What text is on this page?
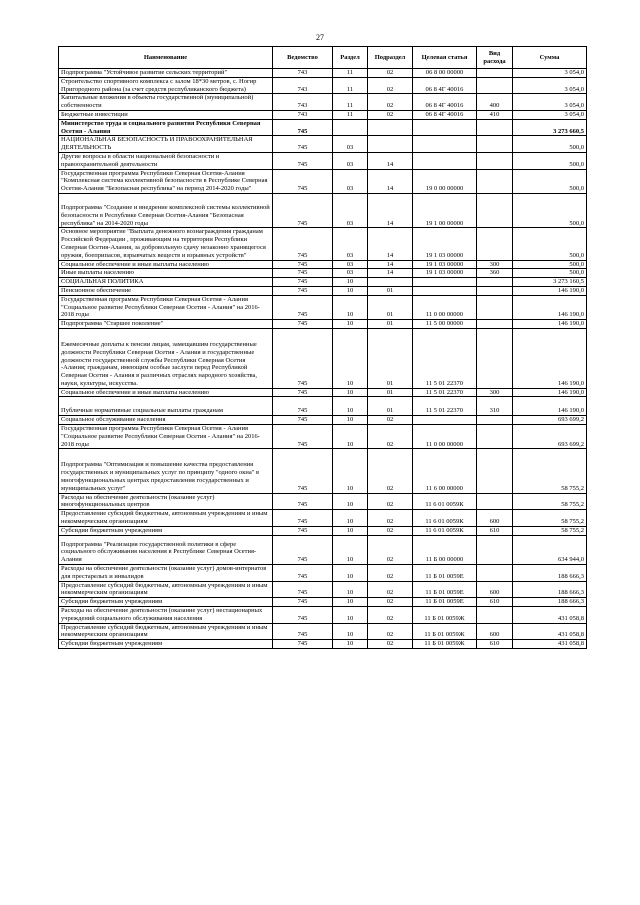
27
Наименование	Ведомство	Раздел	Подраздел	Целевая статья	Вид расхода	Сумма
Подпрограмма "Устойчивое развитие сельских территорий"	743	11	02	06 8 00 00000		3 054,0
Строительство спортивного комплекса с залом 18*30 метров, с. Ногир Пригородного района (за счет средств республиканского бюджета)	743	11	02	06 8 4Г 40016		3 054,0
Капитальные вложения в объекты государственной (муниципальной) собственности	743	11	02	06 8 4Г 40016	400	3 054,0
Бюджетные инвестиции	743	11	02	06 8 4Г 40016	410	3 054,0
Министерство труда и социального развития Республики Северная Осетия - Алания	745					3 273 660,5
НАЦИОНАЛЬНАЯ БЕЗОПАСНОСТЬ И ПРАВООХРАНИТЕЛЬНАЯ ДЕЯТЕЛЬНОСТЬ	745	03				500,0
Другие вопросы в области национальной безопасности и правоохранительной деятельности	745	03	14			500,0
Государственная программа Республики Северная Осетия-Алания "Комплексная система коллективной безопасности в Республике Северная Осетия-Алания "Безопасная республика" на период 2014-2020 годы"	745	03	14	19 0 00 00000		500,0
Подпрограмма "Создание и внедрение комплексной системы коллективной безопасности в Республике Северная Осетия-Алания "Безопасная республика" на 2014-2020 годы	745	03	14	19 1 00 00000		500,0
Основное мероприятие "Выплата денежного вознаграждения гражданам Российской Федерации , проживающим на территории Республики Северная Осетия-Алания, за добровольную сдачу незаконно хранящегося оружия, боеприпасов, взрывчатых веществ и взрывных устройств"	745	03	14	19 1 03 00000		500,0
Социальное обеспечение и иные выплаты населению	745	03	14	19 1 03 00000	300	500,0
Иные выплаты населению	745	03	14	19 1 03 00000	360	500,0
СОЦИАЛЬНАЯ ПОЛИТИКА	745	10				3 273 160,5
Пенсионное обеспечение	745	10	01			146 190,0
Государственная программа Республики Северная Осетия - Алания "Социальное развитие Республики Северная Осетия - Алания" на 2016-2018 годы	745	10	01	11 0 00 00000		146 190,0
Подпрограмма "Старшее поколение"	745	10	01	11 5 00 00000		146 190,0
Ежемесячные доплаты к пенсии лицам, замещавшим государственные должности Республики Северная Осетия - Алания и государственные должности государственной службы Республики Северная Осетия -Алания; гражданам, имеющим особые заслуги перед Республикой Северная Осетия - Алания в различных отраслях народного хозяйства, науки, культуры, искусства.	745	10	01	11 5 01 22370		146 190,0
Социальное обеспечение и иные выплаты населению	745	10	01	11 5 01 22370	300	146 190,0
Публичные нормативные социальные выплаты гражданам	745	10	01	11 5 01 22370	310	146 190,0
Социальное обслуживание населения	745	10	02			693 699,2
Государственная программа Республики Северная Осетия - Алания "Социальное развитие Республики Северная Осетия - Алания" на 2016-2018 годы	745	10	02	11 0 00 00000		693 699,2
Подпрограмма "Оптимизация и повышение качества предоставления государственных и муниципальных услуг по принципу "одного окна" в многофункциональных центрах предоставления государственных и муниципальных услуг"	745	10	02	11 6 00 00000		58 755,2
Расходы на обеспечение деятельности (оказание услуг) многофункциональных центров	745	10	02	11 6 01 0059К		58 755,2
Предоставление субсидий бюджетным, автономным учреждениям и иным некоммерческим организациям	745	10	02	11 6 01 0059К	600	58 755,2
Субсидии бюджетным учреждениям	745	10	02	11 6 01 0059К	610	58 755,2
Подпрограмма "Реализация государственной политики в сфере социального обслуживания населения в Республике Северная Осетия-Алания	745	10	02	11 Б 00 00000		634 944,0
Расходы на обеспечение деятельности (оказание услуг) домов-интернатов для престарелых и инвалидов	745	10	02	11 Б 01 0059Е		188 666,3
Предоставление субсидий бюджетным, автономным учреждениям и иным некоммерческим организациям	745	10	02	11 Б 01 0059Е	600	188 666,3
Субсидии бюджетным учреждениям	745	10	02	11 Б 01 0059Е	610	188 666,3
Расходы на обеспечение деятельности (оказание услуг) нестационарных учреждений социального обслуживания населения	745	10	02	11 Б 01 0059Ж		431 058,8
Предоставление субсидий бюджетным, автономным учреждениям и иным некоммерческим организациям	745	10	02	11 Б 01 0059Ж	600	431 058,8
Субсидии бюджетным учреждениям	745	10	02	11 Б 01 0059Ж	610	431 058,8
